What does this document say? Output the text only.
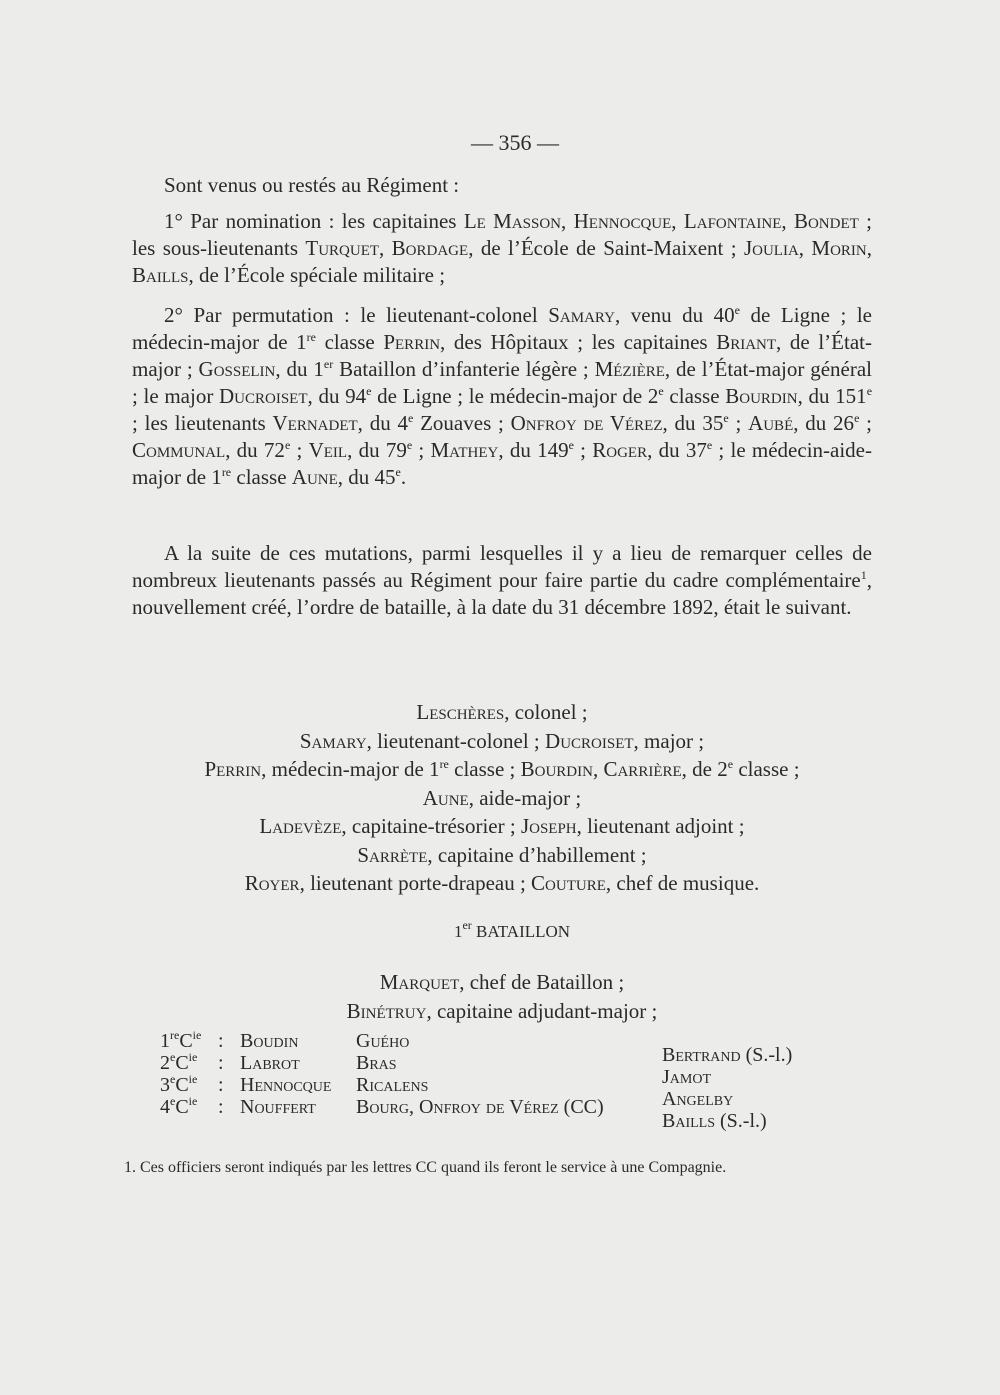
— 356 —

Sont venus ou restés au Régiment :

1° Par nomination : les capitaines Le Masson, Hennocque, Lafontaine, Bondet ; les sous-lieutenants Turquet, Bordage, de l’École de Saint-Maixent ; Joulia, Morin, Baills, de l’École spéciale militaire ;

2° Par permutation : le lieutenant-colonel Samary, venu du 40e de Ligne ; le médecin-major de 1re classe Perrin, des Hôpitaux ; les capitaines Briant, de l’État-major ; Gosselin, du 1er Bataillon d’infanterie légère ; Mézière, de l’État-major général ; le major Ducroiset, du 94e de Ligne ; le médecin-major de 2e classe Bourdin, du 151e ; les lieutenants Vernadet, du 4e Zouaves ; Onfroy de Vérez, du 35e ; Aubé, du 26e ; Communal, du 72e ; Veil, du 79e ; Mathey, du 149e ; Roger, du 37e ; le médecin-aide-major de 1re classe Aune, du 45e.

A la suite de ces mutations, parmi lesquelles il y a lieu de remarquer celles de nombreux lieutenants passés au Régiment pour faire partie du cadre complémentaire$^1$, nouvellement créé, l’ordre de bataille, à la date du 31 décembre 1892, était le suivant.

Leschères, colonel ;
Samary, lieutenant-colonel ; Ducroiset, major ;
Perrin, médecin-major de 1re classe ; Bourdin, Carrière, de 2e classe ;
Aune, aide-major ;
Ladevèze, capitaine-trésorier ; Joseph, lieutenant adjoint ;
Sarrète, capitaine d’habillement ;
Royer, lieutenant porte-drapeau ; Couture, chef de musique.
1er BATAILLON
Marquet, chef de Bataillon ;
Binétruy, capitaine adjudant-major ;
$1reC^{ie}$
$2eC^{ie}$
$3eC^{ie}$
$4eC^{ie}$
:
:
:
:
Boudin
Labrot
Hennocque
Nouffert
Guého
Bras
Ricalens
Bourg, Onfroy de Vérez (CC)
Bertrand (S.-l.)
Jamot
Angelby
Baills (S.-l.)
1. Ces officiers seront indiqués par les lettres CC quand ils feront le service à une Compagnie.
